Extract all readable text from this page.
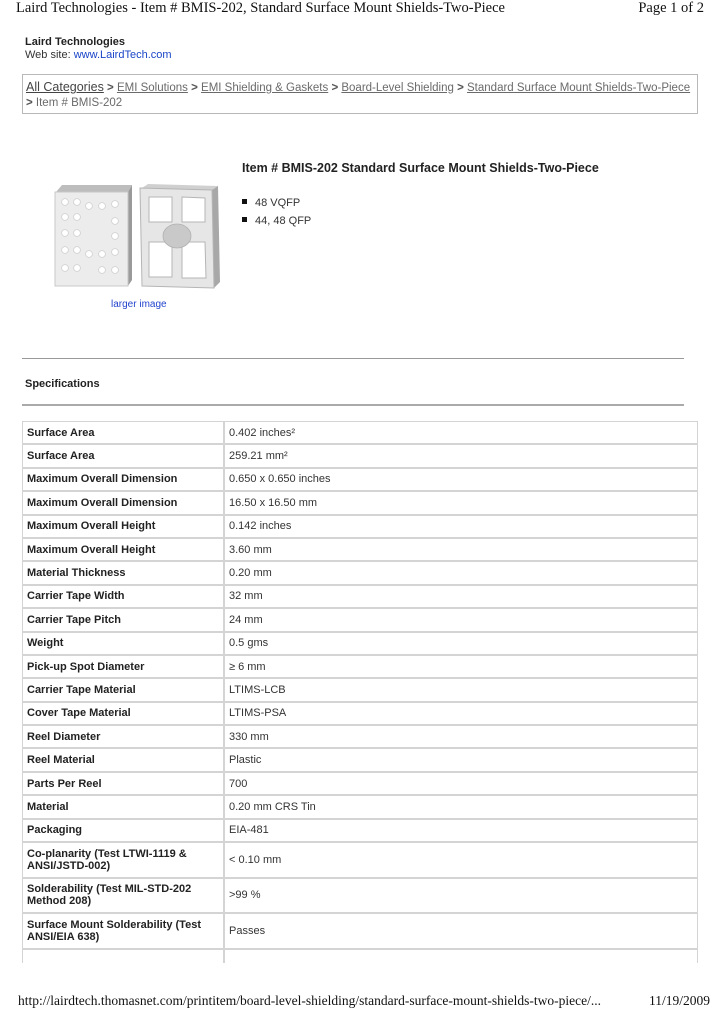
Laird Technologies - Item # BMIS-202, Standard Surface Mount Shields-Two-Piece	Page 1 of 2
Laird Technologies
Web site: www.LairdTech.com
All Categories > EMI Solutions > EMI Shielding & Gaskets > Board-Level Shielding > Standard Surface Mount Shields-Two-Piece > Item # BMIS-202
larger image
Item # BMIS-202 Standard Surface Mount Shields-Two-Piece
48 VQFP
44, 48 QFP
Specifications
Surface Area	0.402 inches²
Surface Area	259.21 mm²
Maximum Overall Dimension	0.650 x 0.650 inches
Maximum Overall Dimension	16.50 x 16.50 mm
Maximum Overall Height	0.142 inches
Maximum Overall Height	3.60 mm
Material Thickness	0.20 mm
Carrier Tape Width	32 mm
Carrier Tape Pitch	24 mm
Weight	0.5 gms
Pick-up Spot Diameter	≥ 6 mm
Carrier Tape Material	LTIMS-LCB
Cover Tape Material	LTIMS-PSA
Reel Diameter	330 mm
Reel Material	Plastic
Parts Per Reel	700
Material	0.20 mm CRS Tin
Packaging	EIA-481
Co-planarity (Test LTWI-1119 & ANSI/JSTD-002)	< 0.10 mm
Solderability (Test MIL-STD-202 Method 208)	>99 %
Surface Mount Solderability (Test ANSI/EIA 638)	Passes

http://lairdtech.thomasnet.com/printitem/board-level-shielding/standard-surface-mount-shields-two-piece/...	11/19/2009
